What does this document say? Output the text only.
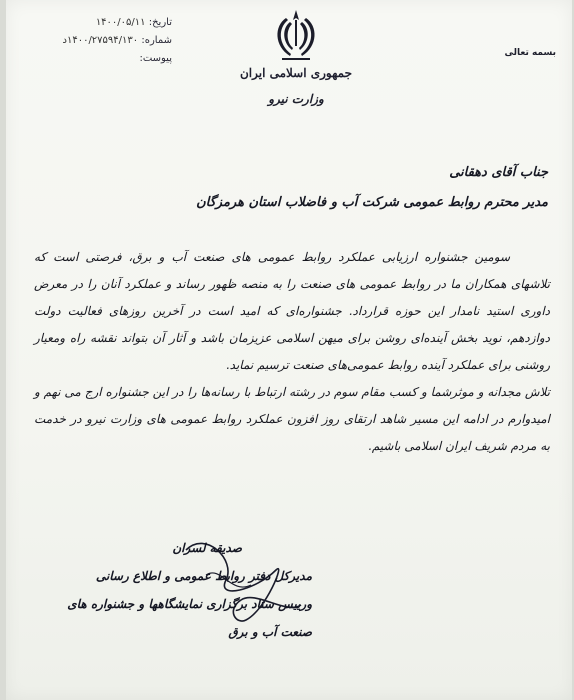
تاریخ: ۱۴۰۰/۰۵/۱۱
شماره: ۱۴۰۰/۲۷۵۹۴/۱۳۰د
پیوست:
جمهوری اسلامی ایران
وزارت نیرو
بسمه تعالی
جناب آقای دهقانی
مدیر محترم روابط عمومی شرکت آب و فاضلاب استان هرمزگان

سومین جشنواره ارزیابی عملکرد روابط عمومی های صنعت آب و برق، فرصتی است که تلاشهای همکاران ما در روابط عمومی های صنعت را به منصه ظهور رساند و عملکرد آنان را در معرض داوری استید نامدار این حوزه قرارداد. جشنواره‌ای که امید است در آخرین روزهای فعالیت دولت دوازدهم، نوید بخش آینده‌ای روشن برای میهن اسلامی عزیزمان باشد و آثار آن بتواند نقشه راه ومعیار روشنی برای عملکرد آینده روابط عمومی‌های صنعت ترسیم نماید.

تلاش مجدانه و موثرشما و کسب مقام سوم در رشته ارتباط با رسانه‌ها را در این جشنواره ارج می نهم و امیدوارم در ادامه این مسیر شاهد ارتقای روز افزون عملکرد روابط عمومی های وزارت نیرو در خدمت به مردم شریف ایران اسلامی باشیم.

صدیقه لسران
مدیرکل دفتر روابط عمومی و اطلاع رسانی
ورییس ستاد برگزاری نمایشگاهها و جشنواره های صنعت آب و برق
